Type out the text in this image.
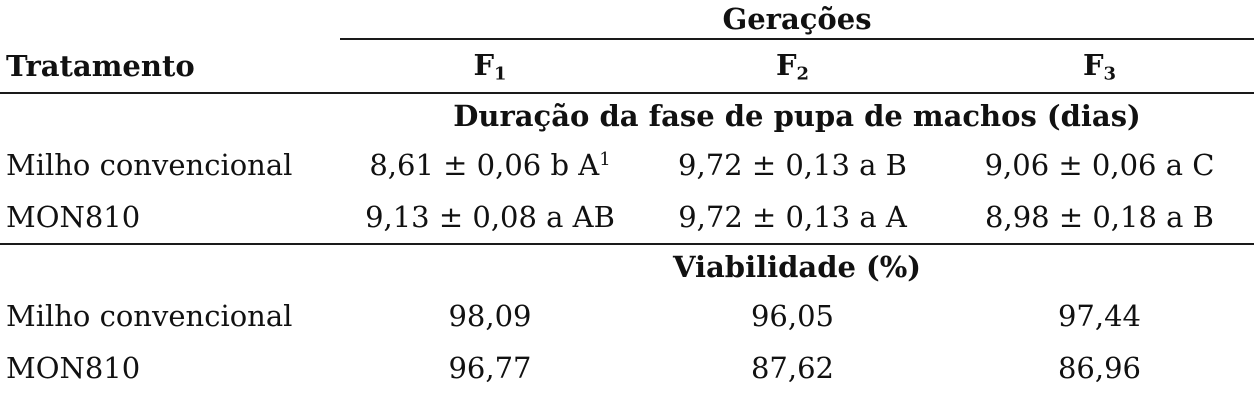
	Gerações		
Tratamento	$F_1$	$F_2$	$F_3$
	Duração da fase de pupa de machos (dias)		
Milho convencional	8,61 ± 0,06 b $A^1$	9,72 ± 0,13 a B	9,06 ± 0,06 a C
MON810	9,13 ± 0,08 a AB	9,72 ± 0,13 a A	8,98 ± 0,18 a B
	Viabilidade (%)		
Milho convencional	98,09	96,05	97,44
MON810	96,77	87,62	86,96
